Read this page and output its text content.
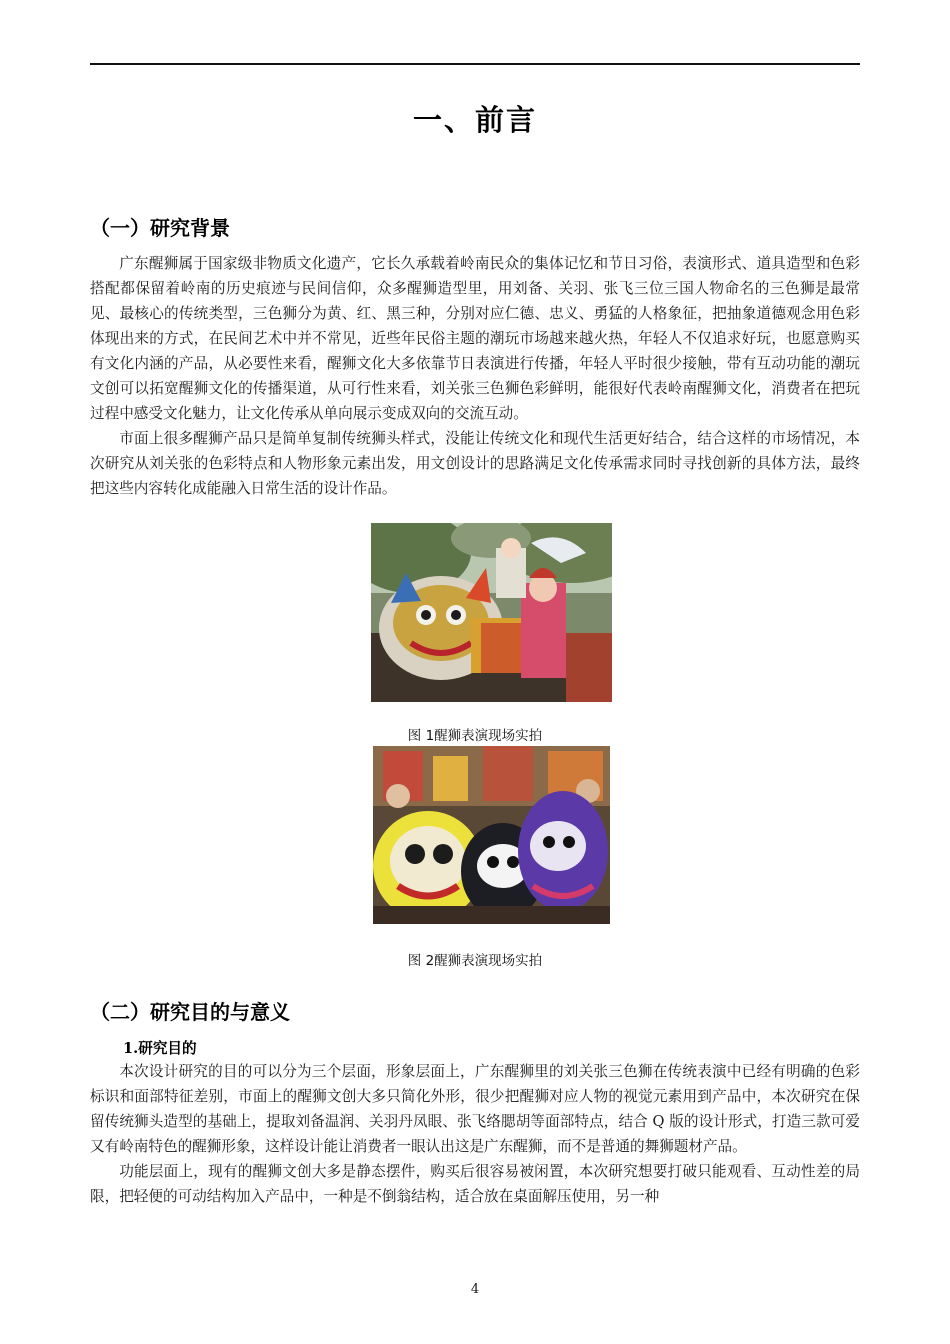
一、前言
（一）研究背景

广东醒狮属于国家级非物质文化遗产，它长久承载着岭南民众的集体记忆和节日习俗，表演形式、道具造型和色彩搭配都保留着岭南的历史痕迹与民间信仰，众多醒狮造型里，用刘备、关羽、张飞三位三国人物命名的三色狮是最常见、最核心的传统类型，三色狮分为黄、红、黑三种，分别对应仁德、忠义、勇猛的人格象征，把抽象道德观念用色彩体现出来的方式，在民间艺术中并不常见，近些年民俗主题的潮玩市场越来越火热，年轻人不仅追求好玩，也愿意购买有文化内涵的产品，从必要性来看，醒狮文化大多依靠节日表演进行传播，年轻人平时很少接触，带有互动功能的潮玩文创可以拓宽醒狮文化的传播渠道，从可行性来看，刘关张三色狮色彩鲜明，能很好代表岭南醒狮文化，消费者在把玩过程中感受文化魅力，让文化传承从单向展示变成双向的交流互动。

市面上很多醒狮产品只是简单复制传统狮头样式，没能让传统文化和现代生活更好结合，结合这样的市场情况，本次研究从刘关张的色彩特点和人物形象元素出发，用文创设计的思路满足文化传承需求同时寻找创新的具体方法，最终把这些内容转化成能融入日常生活的设计作品。

图 1醒狮表演现场实拍
图 2醒狮表演现场实拍
（二）研究目的与意义
1.研究目的

本次设计研究的目的可以分为三个层面，形象层面上，广东醒狮里的刘关张三色狮在传统表演中已经有明确的色彩标识和面部特征差别，市面上的醒狮文创大多只简化外形，很少把醒狮对应人物的视觉元素用到产品中，本次研究在保留传统狮头造型的基础上，提取刘备温润、关羽丹凤眼、张飞络腮胡等面部特点，结合 Q 版的设计形式，打造三款可爱又有岭南特色的醒狮形象，这样设计能让消费者一眼认出这是广东醒狮，而不是普通的舞狮题材产品。

功能层面上，现有的醒狮文创大多是静态摆件，购买后很容易被闲置，本次研究想要打破只能观看、互动性差的局限，把轻便的可动结构加入产品中，一种是不倒翁结构，适合放在桌面解压使用，另一种

4
